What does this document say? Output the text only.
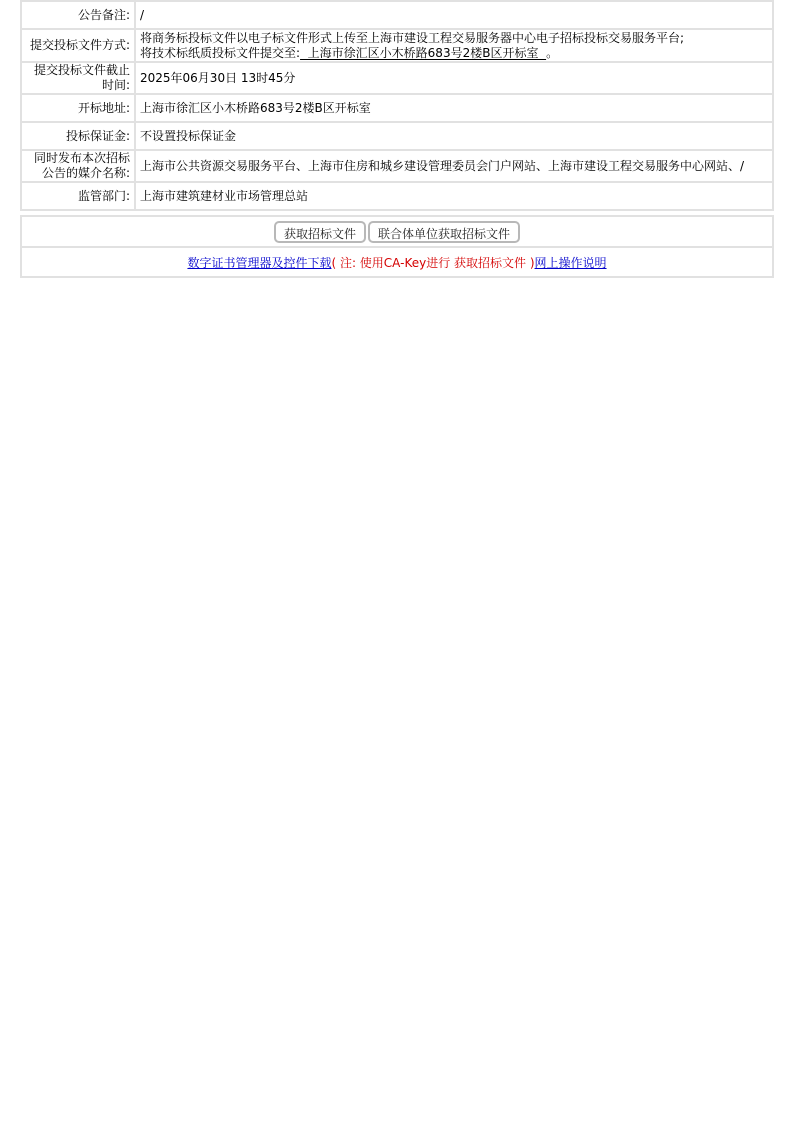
公告备注:	/
提交投标文件方式:	将商务标投标文件以电子标文件形式上传至上海市建设工程交易服务器中心电子招标投标交易服务平台;
将技术标纸质投标文件提交至:  上海市徐汇区小木桥路683号2楼B区开标室  。

提交投标文件截止时间:	2025年06月30日 13时45分
开标地址:	上海市徐汇区小木桥路683号2楼B区开标室
投标保证金:	不设置投标保证金
同时发布本次招标公告的媒介名称:	上海市公共资源交易服务平台、上海市住房和城乡建设管理委员会门户网站、上海市建设工程交易服务中心网站、/
监管部门:	上海市建筑建材业市场管理总站
获取招标文件 联合体单位获取招标文件
数字证书管理器及控件下载( 注: 使用CA-Key进行 获取招标文件 )网上操作说明
